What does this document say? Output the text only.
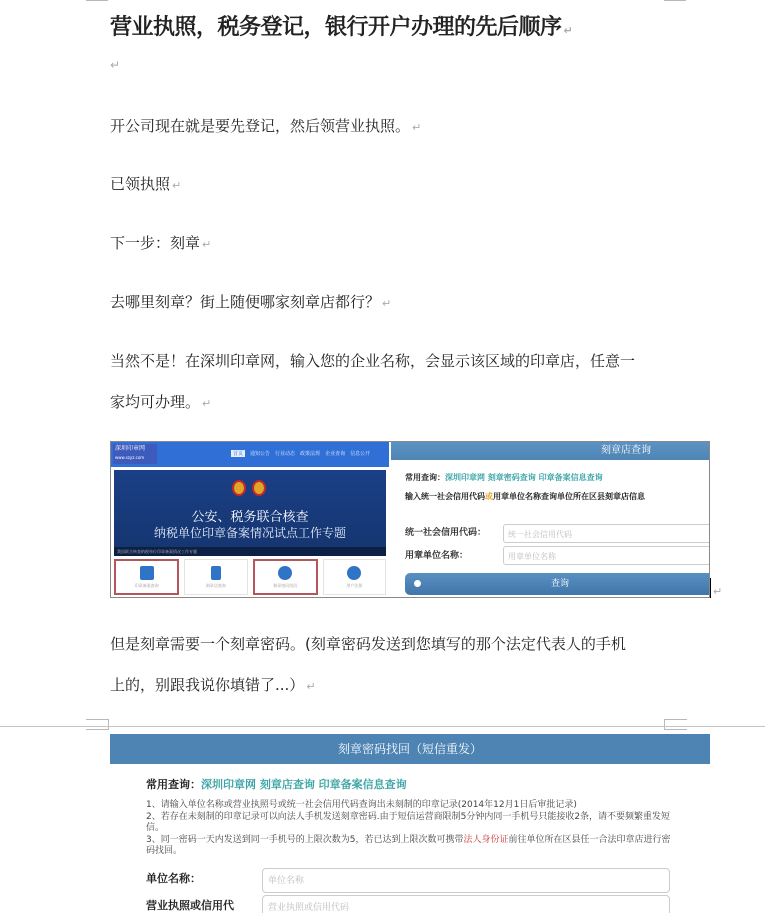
营业执照，税务登记，银行开户办理的先后顺序 ↵
↵
开公司现在就是要先登记，然后领营业执照。 ↵
已领执照 ↵
下一步：刻章 ↵
去哪里刻章？街上随便哪家刻章店都行？ ↵
当然不是！在深圳印章网，输入您的企业名称，会显示该区域的印章店，任意一
家均可办理。 ↵
深圳印章网
www.szyz.com
首页	通知公告 行业动态 政策法规 企业查询 信息公开
公安、税务联合核查
纳税单位印章备案情况试点工作专题
我国联合核查纳税单位印章备案情况工作专题
印章备案查询	刻章店查询	刻章密码找回	用户注册
刻章店查询
常用查询：深圳印章网 刻章密码查询 印章备案信息查询
输入统一社会信用代码或用章单位名称查询单位所在区县刻章店信息
统一社会信用代码：	统一社会信用代码
用章单位名称：	用章单位名称
查询
↵
但是刻章需要一个刻章密码。(刻章密码发送到您填写的那个法定代表人的手机
上的，别跟我说你填错了...） ↵
刻章密码找回（短信重发）
常用查询：深圳印章网 刻章店查询 印章备案信息查询
1、请输入单位名称或营业执照号或统一社会信用代码查询出未刻制的印章记录(2014年12月1日后审批记录)
2、若存在未刻制的印章记录可以向法人手机发送刻章密码.由于短信运营商限制5分钟内同一手机号只能接收2条，请不要频繁重发短信。
3、同一密码一天内发送到同一手机号的上限次数为5，若已达到上限次数可携带法人身份证前往单位所在区县任一合法印章店进行密码找回。
单位名称：	单位名称
营业执照或信用代	营业执照或信用代码
